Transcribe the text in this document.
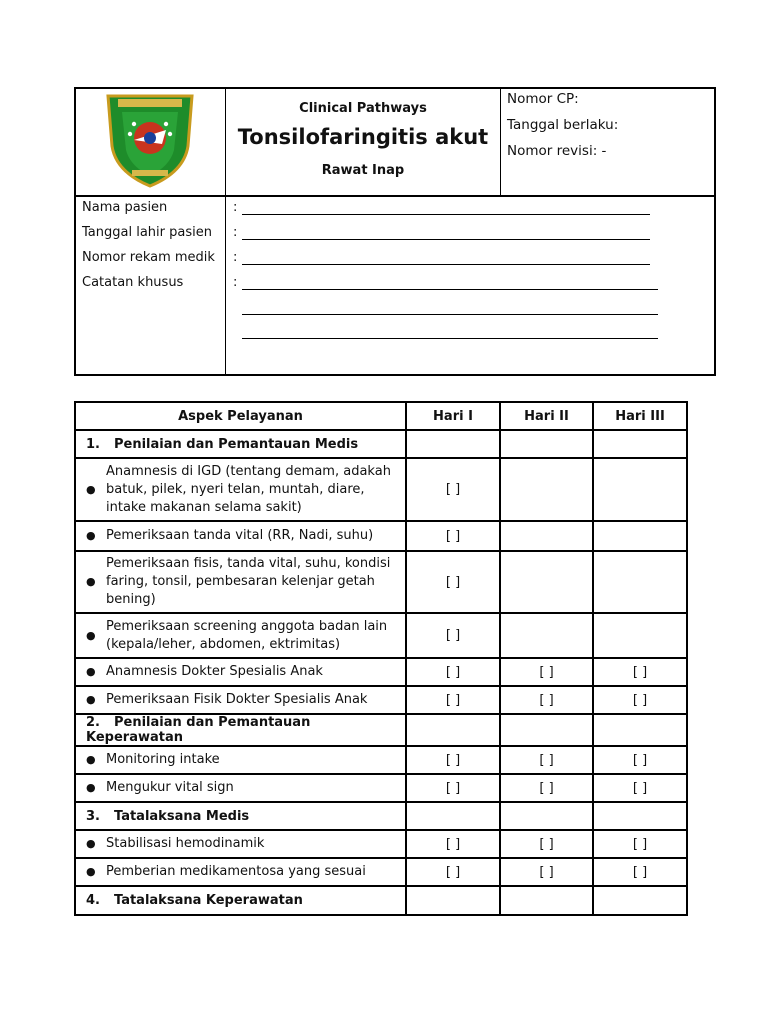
Clinical Pathways
Tonsilofaringitis akut
Rawat Inap
Nomor CP:
Tanggal berlaku:
Nomor revisi: -
Nama pasien
Tanggal lahir pasien
Nomor rekam medik
Catatan khusus
:
:
:
:
Aspek Pelayanan	Hari I	Hari II	Hari III
1. Penilaian dan Pemantauan Medis			

●
Anamnesis di IGD (tentang demam, adakah batuk, pilek, nyeri telan, muntah, diare, intake makanan selama sakit)	[ ]		

● Pemeriksaan tanda vital (RR, Nadi, suhu)	[ ]		

●
Pemeriksaan fisis, tanda vital, suhu, kondisi faring, tonsil, pembesaran kelenjar getah bening)	[ ]		

●
Pemeriksaan screening anggota badan lain (kepala/leher, abdomen, ektrimitas)	[ ]		

● Anamnesis Dokter Spesialis Anak	[ ]	[ ]	[ ]

● Pemeriksaan Fisik Dokter Spesialis Anak	[ ]	[ ]	[ ]
2. Penilaian dan Pemantauan Keperawatan			

● Monitoring intake	[ ]	[ ]	[ ]

● Mengukur vital sign	[ ]	[ ]	[ ]
3. Tatalaksana Medis			

● Stabilisasi hemodinamik	[ ]	[ ]	[ ]

● Pemberian medikamentosa yang sesuai	[ ]	[ ]	[ ]
4. Tatalaksana Keperawatan			
